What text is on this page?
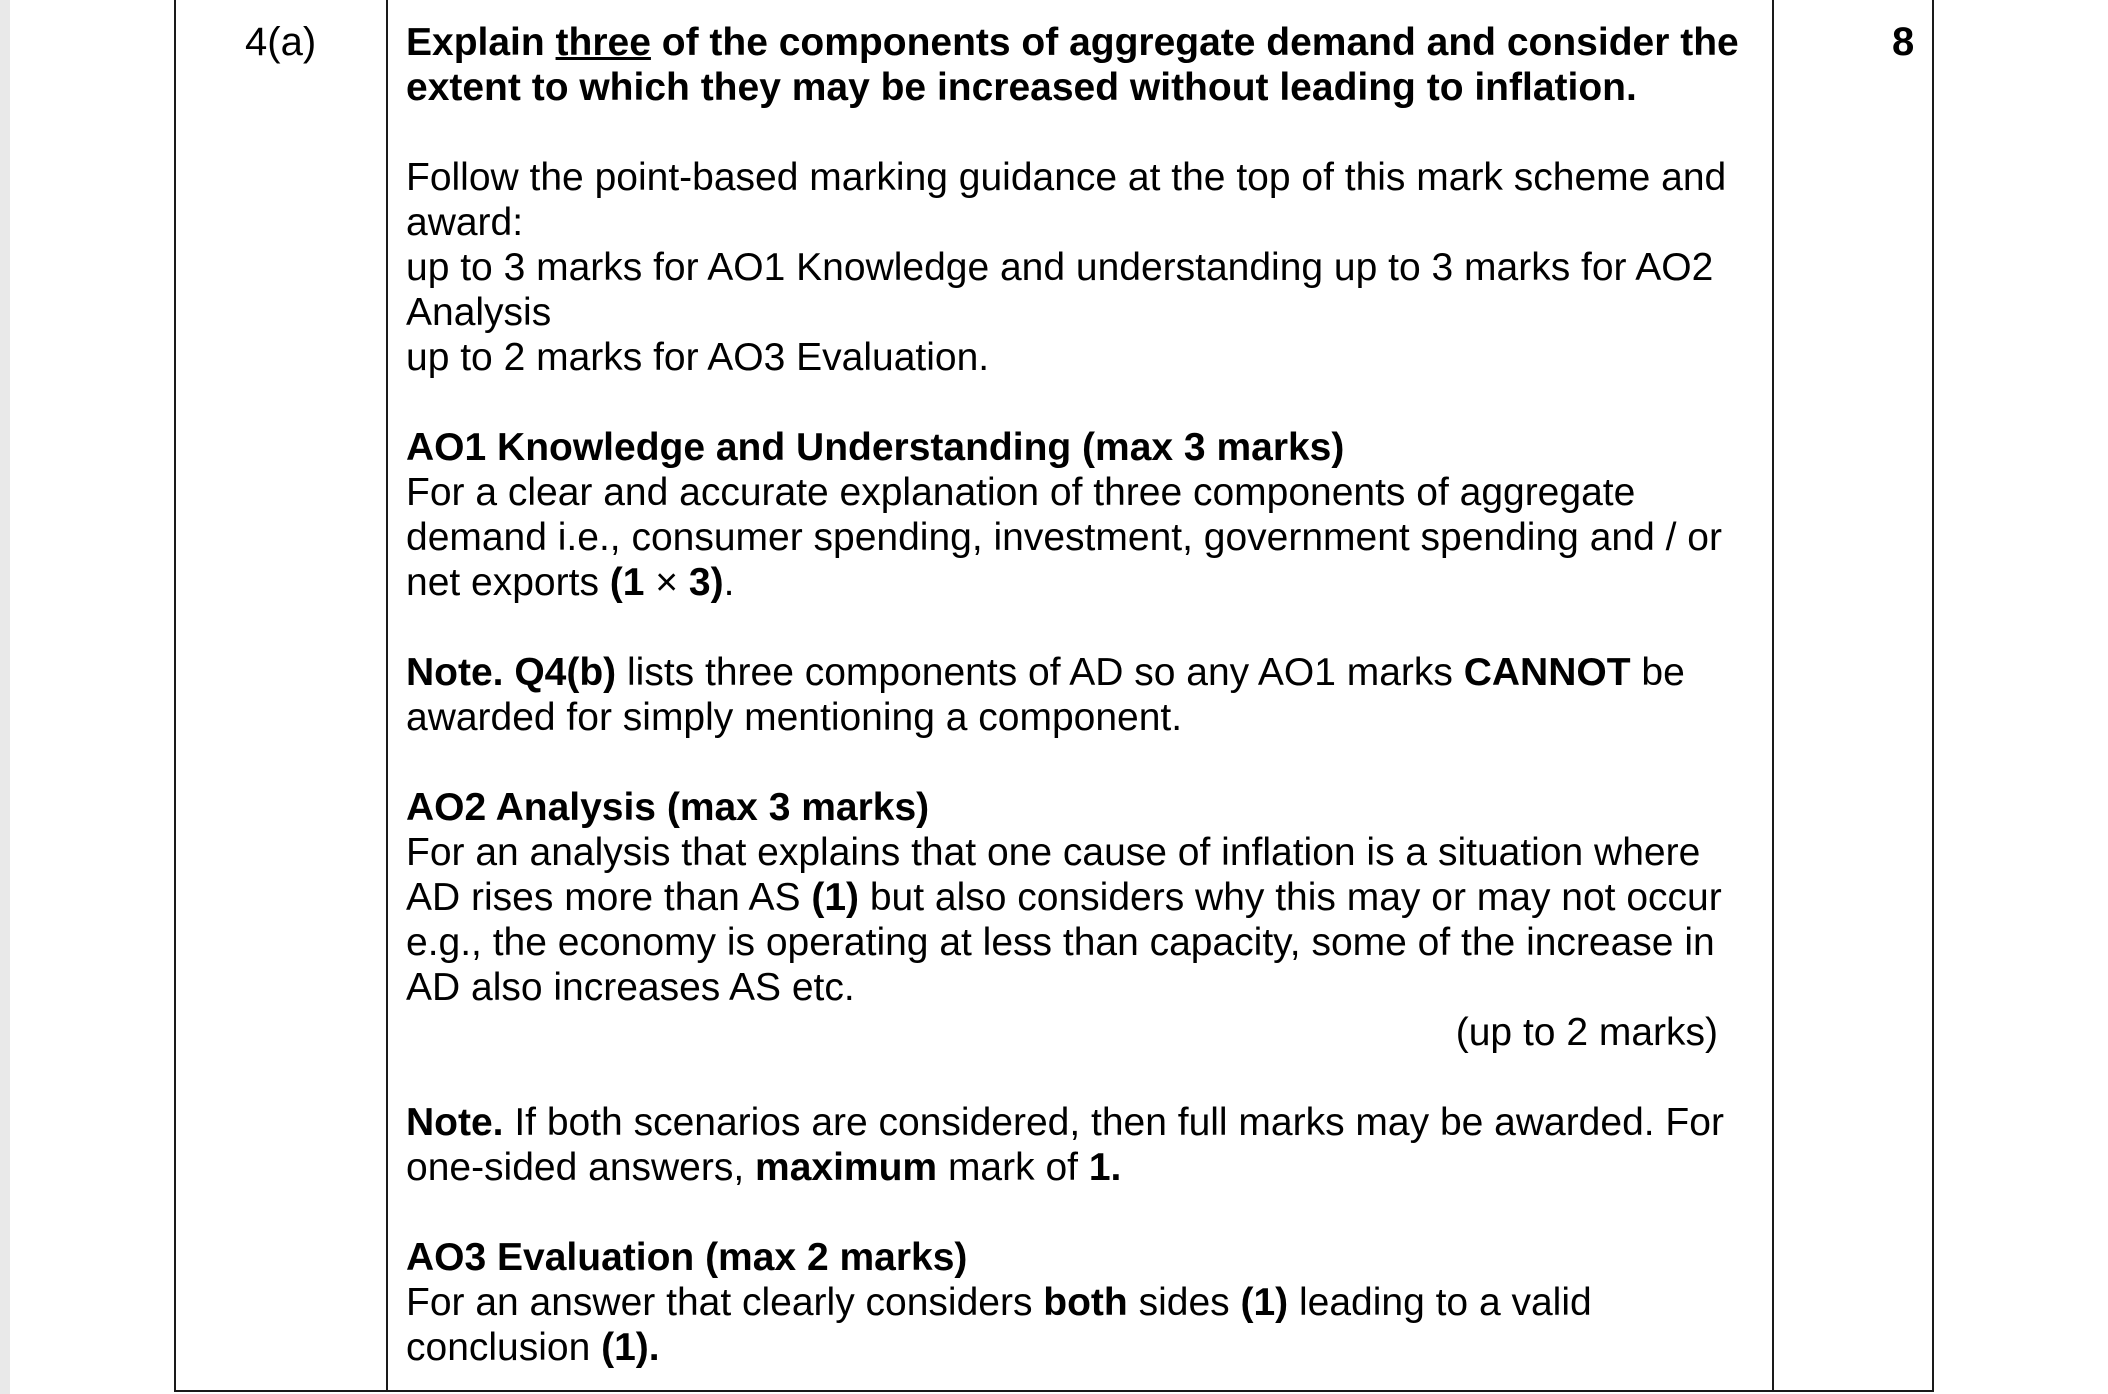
4(a)	8

Explain three of the components of aggregate demand and consider the extent to which they may be increased without leading to inflation.

Follow the point-based marking guidance at the top of this mark scheme and award:
up to 3 marks for AO1 Knowledge and understanding up to 3 marks for AO2 Analysis
up to 2 marks for AO3 Evaluation.

AO1 Knowledge and Understanding (max 3 marks)
For a clear and accurate explanation of three components of aggregate demand i.e., consumer spending, investment, government spending and / or net exports (1 × 3).

Note. Q4(b) lists three components of AD so any AO1 marks CANNOT be awarded for simply mentioning a component.

AO2 Analysis (max 3 marks)
For an analysis that explains that one cause of inflation is a situation where AD rises more than AS (1) but also considers why this may or may not occur e.g., the economy is operating at less than capacity, some of the increase in AD also increases AS etc.
(up to 2 marks)

Note. If both scenarios are considered, then full marks may be awarded. For one-sided answers, maximum mark of 1.

AO3 Evaluation (max 2 marks)
For an answer that clearly considers both sides (1) leading to a valid conclusion (1).
